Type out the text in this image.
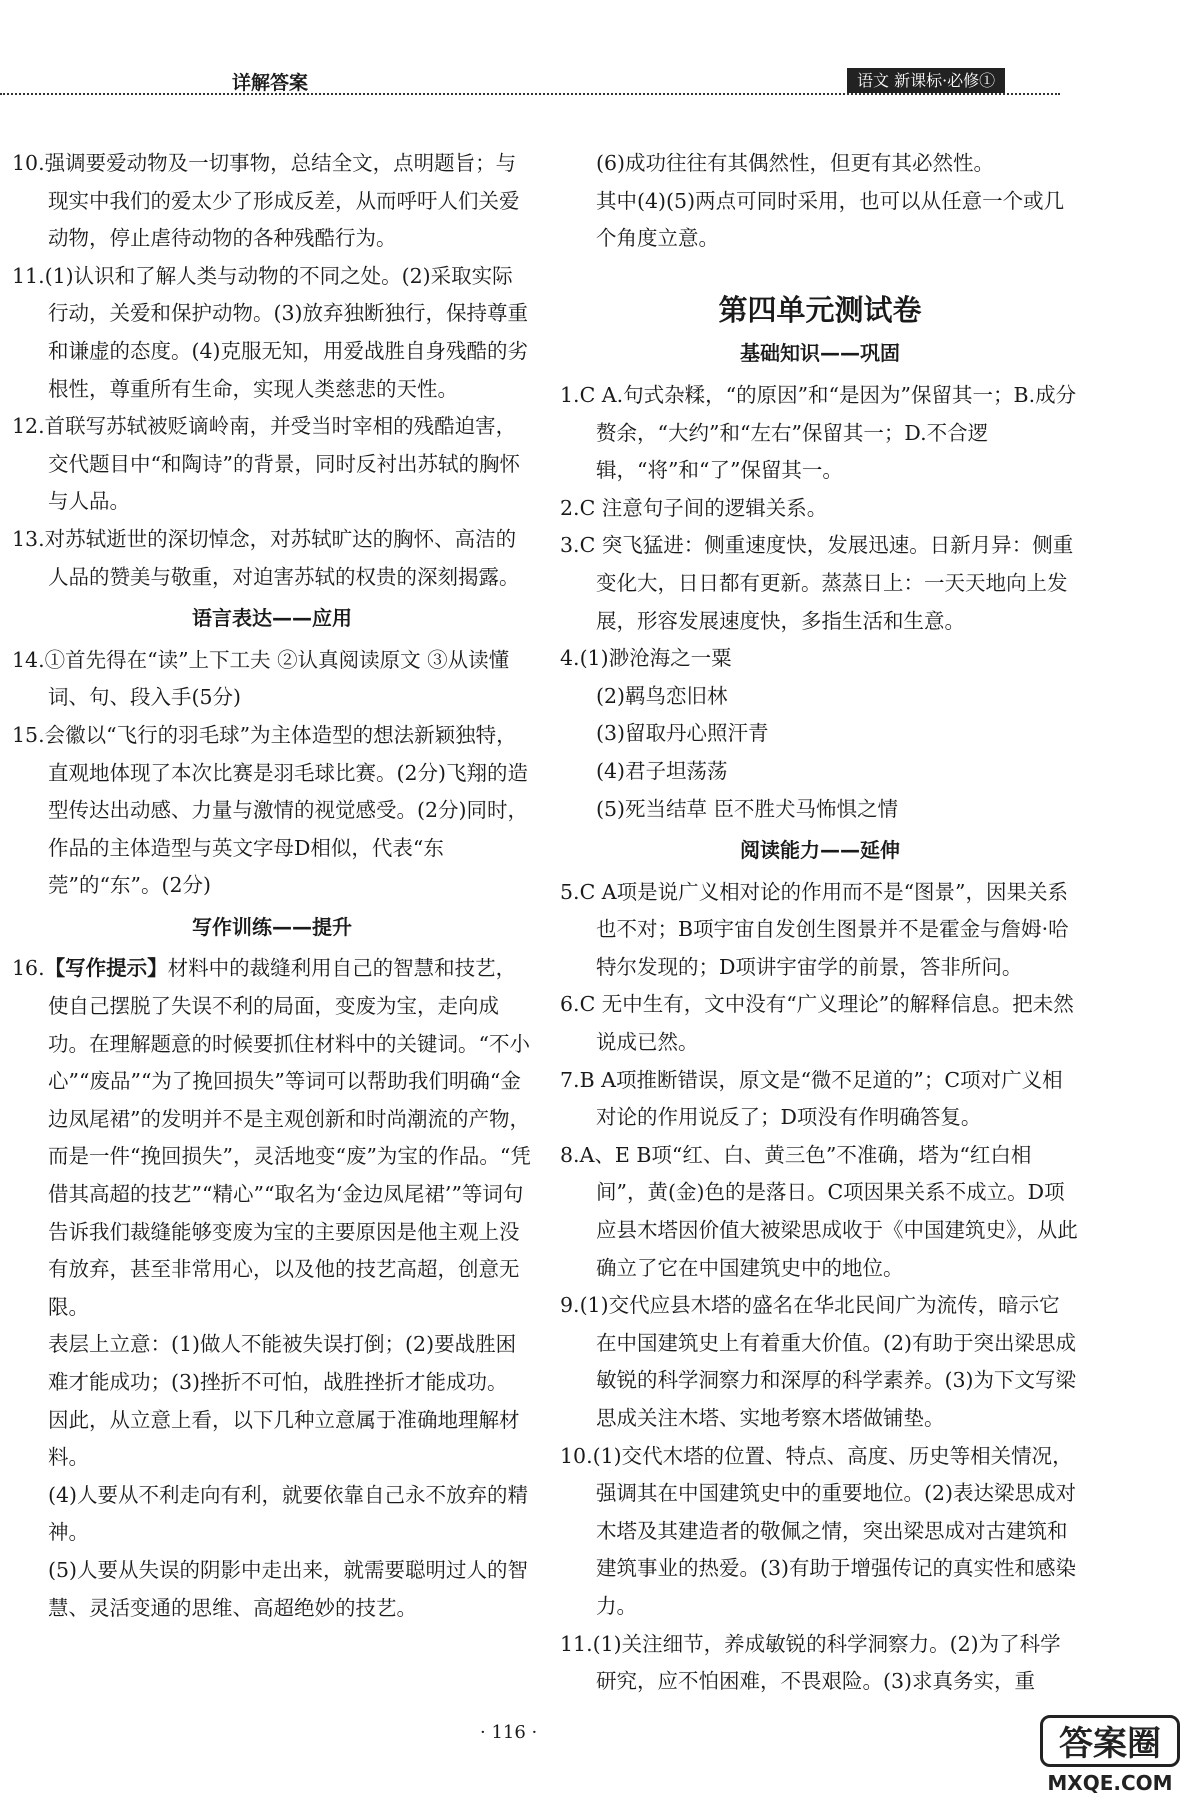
详解答案	语文 新课标·必修①
10.强调要爱动物及一切事物，总结全文，点明题旨；与现实中我们的爱太少了形成反差，从而呼吁人们关爱动物，停止虐待动物的各种残酷行为。
11.(1)认识和了解人类与动物的不同之处。(2)采取实际行动，关爱和保护动物。(3)放弃独断独行，保持尊重和谦虚的态度。(4)克服无知，用爱战胜自身残酷的劣根性，尊重所有生命，实现人类慈悲的天性。
12.首联写苏轼被贬谪岭南，并受当时宰相的残酷迫害，交代题目中“和陶诗”的背景，同时反衬出苏轼的胸怀与人品。
13.对苏轼逝世的深切悼念，对苏轼旷达的胸怀、高洁的人品的赞美与敬重，对迫害苏轼的权贵的深刻揭露。
语言表达——应用
14.①首先得在“读”上下工夫 ②认真阅读原文 ③从读懂词、句、段入手(5分)
15.会徽以“飞行的羽毛球”为主体造型的想法新颖独特，直观地体现了本次比赛是羽毛球比赛。(2分)飞翔的造型传达出动感、力量与激情的视觉感受。(2分)同时，作品的主体造型与英文字母D相似，代表“东莞”的“东”。(2分)
写作训练——提升
16.【写作提示】材料中的裁缝利用自己的智慧和技艺，使自己摆脱了失误不利的局面，变废为宝，走向成功。在理解题意的时候要抓住材料中的关键词。“不小心”“废品”“为了挽回损失”等词可以帮助我们明确“金边凤尾裙”的发明并不是主观创新和时尚潮流的产物，而是一件“挽回损失”，灵活地变“废”为宝的作品。“凭借其高超的技艺”“精心”“取名为‘金边凤尾裙’”等词句告诉我们裁缝能够变废为宝的主要原因是他主观上没有放弃，甚至非常用心，以及他的技艺高超，创意无限。
表层上立意：(1)做人不能被失误打倒；(2)要战胜困难才能成功；(3)挫折不可怕，战胜挫折才能成功。
因此，从立意上看，以下几种立意属于准确地理解材料。
(4)人要从不利走向有利，就要依靠自己永不放弃的精神。
(5)人要从失误的阴影中走出来，就需要聪明过人的智慧、灵活变通的思维、高超绝妙的技艺。
(6)成功往往有其偶然性，但更有其必然性。
其中(4)(5)两点可同时采用，也可以从任意一个或几个角度立意。
第四单元测试卷
基础知识——巩固
1.C A.句式杂糅，“的原因”和“是因为”保留其一；B.成分赘余，“大约”和“左右”保留其一；D.不合逻辑，“将”和“了”保留其一。
2.C 注意句子间的逻辑关系。
3.C 突飞猛进：侧重速度快，发展迅速。日新月异：侧重变化大，日日都有更新。蒸蒸日上：一天天地向上发展，形容发展速度快，多指生活和生意。
4.(1)渺沧海之一粟
(2)羁鸟恋旧林
(3)留取丹心照汗青
(4)君子坦荡荡
(5)死当结草 臣不胜犬马怖惧之情
阅读能力——延伸
5.C A项是说广义相对论的作用而不是“图景”，因果关系也不对；B项宇宙自发创生图景并不是霍金与詹姆·哈特尔发现的；D项讲宇宙学的前景，答非所问。
6.C 无中生有，文中没有“广义理论”的解释信息。把未然说成已然。
7.B A项推断错误，原文是“微不足道的”；C项对广义相对论的作用说反了；D项没有作明确答复。
8.A、E B项“红、白、黄三色”不准确，塔为“红白相间”，黄(金)色的是落日。C项因果关系不成立。D项应县木塔因价值大被梁思成收于《中国建筑史》，从此确立了它在中国建筑史中的地位。
9.(1)交代应县木塔的盛名在华北民间广为流传，暗示它在中国建筑史上有着重大价值。(2)有助于突出梁思成敏锐的科学洞察力和深厚的科学素养。(3)为下文写梁思成关注木塔、实地考察木塔做铺垫。
10.(1)交代木塔的位置、特点、高度、历史等相关情况，强调其在中国建筑史中的重要地位。(2)表达梁思成对木塔及其建造者的敬佩之情，突出梁思成对古建筑和建筑事业的热爱。(3)有助于增强传记的真实性和感染力。
11.(1)关注细节，养成敏锐的科学洞察力。(2)为了科学研究，应不怕困难，不畏艰险。(3)求真务实，重
· 116 ·	答案圈
MXQE.COM
